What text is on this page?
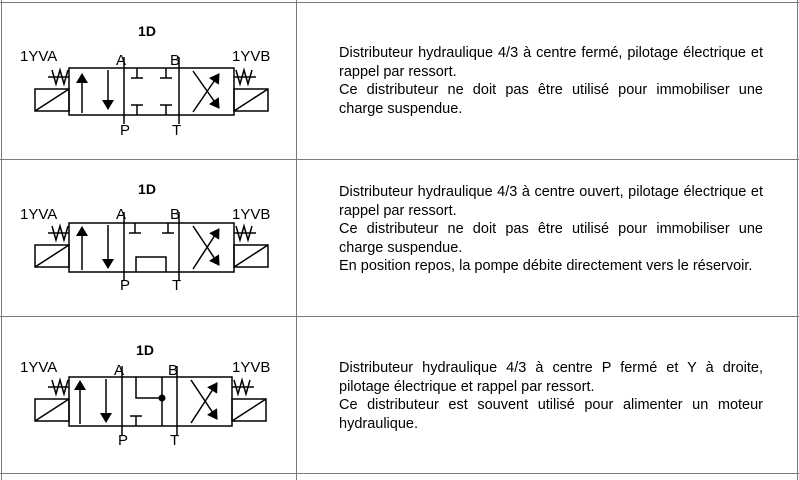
1D
1YVA	1YVB
A	B
P	T

Distributeur hydraulique 4/3 à centre fermé, pilotage électrique et rappel par ressort.

Ce distributeur ne doit pas être utilisé pour immobiliser une charge suspendue.

1D
1YVA	1YVB
A	B
P	T

Distributeur hydraulique 4/3 à centre ouvert, pilotage électrique et rappel par ressort.

Ce distributeur ne doit pas être utilisé pour immobiliser une charge suspendue.

En position repos, la pompe débite directement vers le réservoir.

1D
1YVA	1YVB
A	B
P	T

Distributeur hydraulique 4/3 à centre P fermé et Y à droite, pilotage électrique et rappel par ressort.

Ce distributeur est souvent utilisé pour alimenter un moteur hydraulique.
